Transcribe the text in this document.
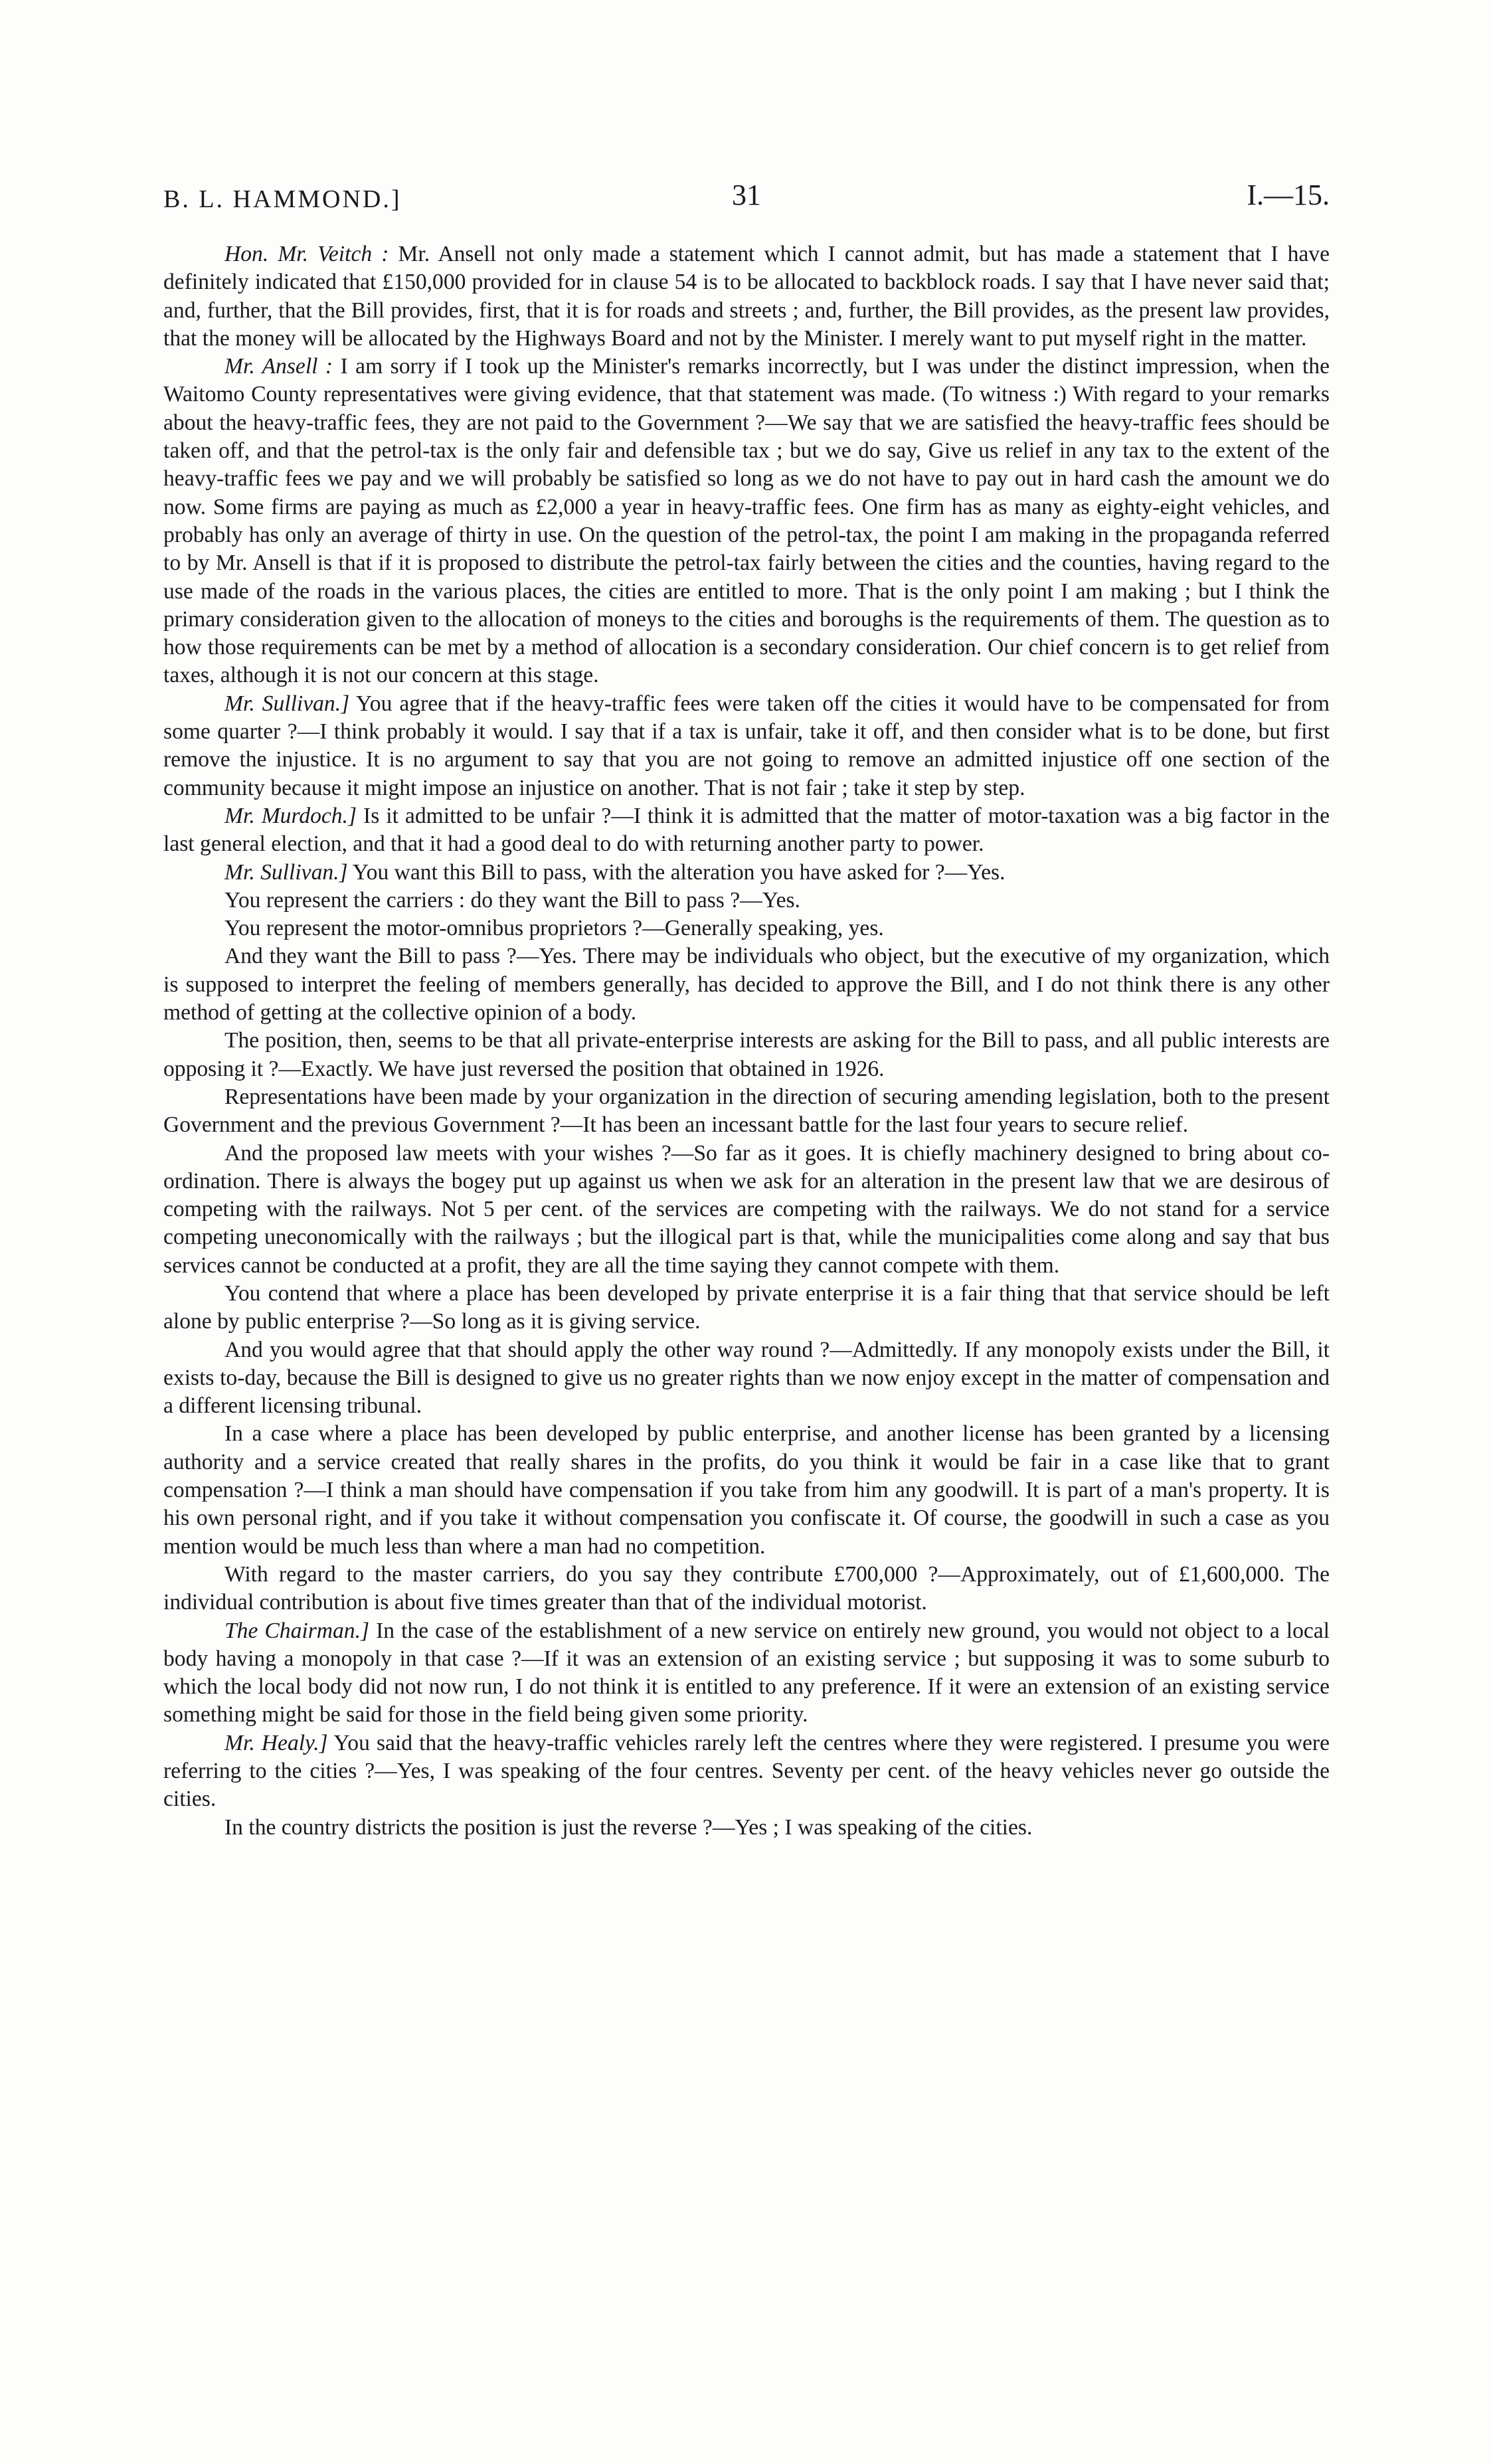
B. L. HAMMOND.]	31	I.—15.

Hon. Mr. Veitch : Mr. Ansell not only made a statement which I cannot admit, but has made a statement that I have definitely indicated that £150,000 provided for in clause 54 is to be allocated to backblock roads. I say that I have never said that; and, further, that the Bill provides, first, that it is for roads and streets ; and, further, the Bill provides, as the present law provides, that the money will be allocated by the Highways Board and not by the Minister. I merely want to put myself right in the matter.

Mr. Ansell : I am sorry if I took up the Minister's remarks incorrectly, but I was under the distinct impression, when the Waitomo County representatives were giving evidence, that that statement was made. (To witness :) With regard to your remarks about the heavy-traffic fees, they are not paid to the Government ?—We say that we are satisfied the heavy-traffic fees should be taken off, and that the petrol-tax is the only fair and defensible tax ; but we do say, Give us relief in any tax to the extent of the heavy-traffic fees we pay and we will probably be satisfied so long as we do not have to pay out in hard cash the amount we do now. Some firms are paying as much as £2,000 a year in heavy-traffic fees. One firm has as many as eighty-eight vehicles, and probably has only an average of thirty in use. On the question of the petrol-tax, the point I am making in the propaganda referred to by Mr. Ansell is that if it is proposed to distribute the petrol-tax fairly between the cities and the counties, having regard to the use made of the roads in the various places, the cities are entitled to more. That is the only point I am making ; but I think the primary consideration given to the allocation of moneys to the cities and boroughs is the requirements of them. The question as to how those requirements can be met by a method of allocation is a secondary consideration. Our chief concern is to get relief from taxes, although it is not our concern at this stage.

Mr. Sullivan.] You agree that if the heavy-traffic fees were taken off the cities it would have to be compensated for from some quarter ?—I think probably it would. I say that if a tax is unfair, take it off, and then consider what is to be done, but first remove the injustice. It is no argument to say that you are not going to remove an admitted injustice off one section of the community because it might impose an injustice on another. That is not fair ; take it step by step.

Mr. Murdoch.] Is it admitted to be unfair ?—I think it is admitted that the matter of motor-taxation was a big factor in the last general election, and that it had a good deal to do with returning another party to power.

Mr. Sullivan.] You want this Bill to pass, with the alteration you have asked for ?—Yes.

You represent the carriers : do they want the Bill to pass ?—Yes.

You represent the motor-omnibus proprietors ?—Generally speaking, yes.

And they want the Bill to pass ?—Yes. There may be individuals who object, but the executive of my organization, which is supposed to interpret the feeling of members generally, has decided to approve the Bill, and I do not think there is any other method of getting at the collective opinion of a body.

The position, then, seems to be that all private-enterprise interests are asking for the Bill to pass, and all public interests are opposing it ?—Exactly. We have just reversed the position that obtained in 1926.

Representations have been made by your organization in the direction of securing amending legislation, both to the present Government and the previous Government ?—It has been an incessant battle for the last four years to secure relief.

And the proposed law meets with your wishes ?—So far as it goes. It is chiefly machinery designed to bring about co-ordination. There is always the bogey put up against us when we ask for an alteration in the present law that we are desirous of competing with the railways. Not 5 per cent. of the services are competing with the railways. We do not stand for a service competing uneconomically with the railways ; but the illogical part is that, while the municipalities come along and say that bus services cannot be conducted at a profit, they are all the time saying they cannot compete with them.

You contend that where a place has been developed by private enterprise it is a fair thing that that service should be left alone by public enterprise ?—So long as it is giving service.

And you would agree that that should apply the other way round ?—Admittedly. If any monopoly exists under the Bill, it exists to-day, because the Bill is designed to give us no greater rights than we now enjoy except in the matter of compensation and a different licensing tribunal.

In a case where a place has been developed by public enterprise, and another license has been granted by a licensing authority and a service created that really shares in the profits, do you think it would be fair in a case like that to grant compensation ?—I think a man should have compensation if you take from him any goodwill. It is part of a man's property. It is his own personal right, and if you take it without compensation you confiscate it. Of course, the goodwill in such a case as you mention would be much less than where a man had no competition.

With regard to the master carriers, do you say they contribute £700,000 ?—Approximately, out of £1,600,000. The individual contribution is about five times greater than that of the individual motorist.

The Chairman.] In the case of the establishment of a new service on entirely new ground, you would not object to a local body having a monopoly in that case ?—If it was an extension of an existing service ; but supposing it was to some suburb to which the local body did not now run, I do not think it is entitled to any preference. If it were an extension of an existing service something might be said for those in the field being given some priority.

Mr. Healy.] You said that the heavy-traffic vehicles rarely left the centres where they were registered. I presume you were referring to the cities ?—Yes, I was speaking of the four centres. Seventy per cent. of the heavy vehicles never go outside the cities.

In the country districts the position is just the reverse ?—Yes ; I was speaking of the cities.
